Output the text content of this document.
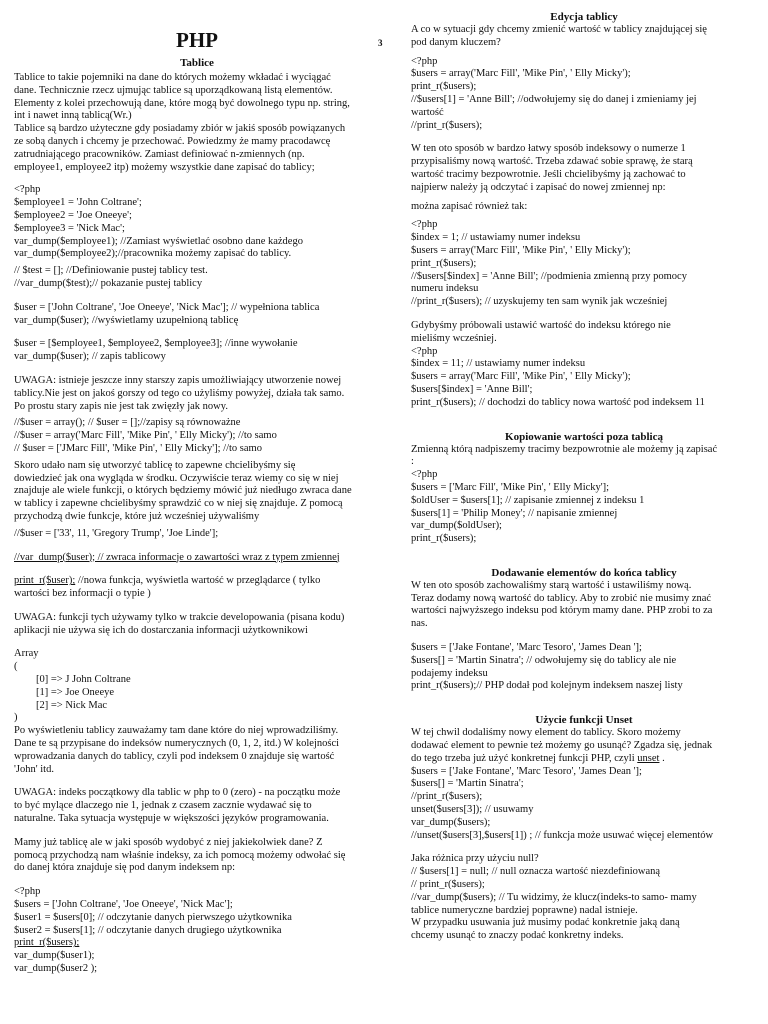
PHP	3
Tablice

Tablice to takie pojemniki na dane do których możemy wkładać i wyciągać
dane. Technicznie rzecz ujmując tablice są uporządkowaną listą elementów.
Elementy z kolei przechowują dane, które mogą być dowolnego typu np. string,
int i nawet inną tablicą(Wr.)

Tablice są bardzo użyteczne gdy posiadamy zbiór w jakiś sposób powiązanych
ze sobą danych i chcemy je przechować. Powiedzmy że mamy pracodawcę
zatrudniającego pracowników. Zamiast definiować n-zmiennych (np.
employee1, employee2 itp) możemy wszystkie dane zapisać do tablicy;

<?php
$employee1 = 'John Coltrane';
$employee2 = 'Joe Oneeye';
$employee3 = 'Nick Mac';
var_dump($employee1); //Zamiast wyświetlać osobno dane każdego
var_dump($employee2);//pracownika możemy zapisać do tablicy.

// $test = []; //Definiowanie pustej tablicy test.
//var_dump($test);// pokazanie pustej tablicy

$user = ['John Coltrane', 'Joe Oneeye', 'Nick Mac']; // wypełniona tablica
var_dump($user); //wyświetlamy uzupełnioną tablicę

$user = [$employee1, $employee2, $employee3]; //inne wywołanie
var_dump($user); // zapis tablicowy

UWAGA: istnieje jeszcze inny starszy zapis umożliwiający utworzenie nowej
tablicy.Nie jest on jakoś gorszy od tego co użyliśmy powyżej, działa tak samo.
Po prostu stary zapis nie jest tak zwięzły jak nowy.

//$user = array(); // $user = [];//zapisy są równoważne
//$user = array('Marc Fill', 'Mike Pin', ' Elly Micky'); //to samo
// $user = ['JMarc Fill', 'Mike Pin', ' Elly Micky']; //to samo

Skoro udało nam się utworzyć tablicę to zapewne chcielibyśmy się
dowiedzieć jak ona wygląda w środku. Oczywiście teraz wiemy co się w niej
znajduje ale wiele funkcji, o których będziemy mówić już niedługo zwraca dane
w tablicy i zapewne chcielibyśmy sprawdzić co w niej się znajduje. Z pomocą
przychodzą dwie funkcje, które już wcześniej używaliśmy

//$user = ['33', 11, 'Gregory Trump', 'Joe Linde'];

//var_dump($user); // zwraca informacje o zawartości wraz z typem zmiennej

print_r($user); //nowa funkcja, wyświetla wartość w przeglądarce ( tylko
wartości bez informacji o typie )

UWAGA: funkcji tych używamy tylko w trakcie developowania (pisana kodu)
aplikacji nie używa się ich do dostarczania informacji użytkownikowi

Array
(

[0] => J John Coltrane
[1] => Joe Oneeye
[2] => Nick Mac

)

Po wyświetleniu tablicy zauważamy tam dane które do niej wprowadziliśmy.
Dane te są przypisane do indeksów numerycznych (0, 1, 2, itd.) W kolejności
wprowadzania danych do tablicy, czyli pod indeksem 0 znajduje się wartość
'John' itd.

UWAGA: indeks początkowy dla tablic w php to 0 (zero) - na początku może
to być mylące dlaczego nie 1, jednak z czasem zacznie wydawać się to
naturalne. Taka sytuacja występuje w większości języków programowania.

Mamy już tablicę ale w jaki sposób wydobyć z niej jakiekolwiek dane? Z
pomocą przychodzą nam właśnie indeksy, za ich pomocą możemy odwołać się
do danej która znajduje się pod danym indeksem np:

<?php
$users = ['John Coltrane', 'Joe Oneeye', 'Nick Mac'];
$user1 = $users[0]; // odczytanie danych pierwszego użytkownika
$user2 = $users[1]; // odczytanie danych drugiego użytkownika

print_r($users);

var_dump($user1);
var_dump($user2 );

Edycja tablicy

A co w sytuacji gdy chcemy zmienić wartość w tablicy znajdującej się
pod danym kluczem?

<?php
$users = array('Marc Fill', 'Mike Pin', ' Elly Micky');
print_r($users);
//$users[1] = 'Anne Bill'; //odwołujemy się do danej i zmieniamy jej
wartość
//print_r($users);

W ten oto sposób w bardzo łatwy sposób indeksowy o numerze 1
przypisaliśmy nową wartość. Trzeba zdawać sobie sprawę, że starą
wartość tracimy bezpowrotnie. Jeśli chcielibyśmy ją zachować to
najpierw należy ją odczytać i zapisać do nowej zmiennej np:

można zapisać również tak:

<?php
$index = 1; // ustawiamy numer indeksu
$users = array('Marc Fill', 'Mike Pin', ' Elly Micky');
print_r($users);
//$users[$index] = 'Anne Bill'; //podmienia zmienną przy pomocy
numeru indeksu
//print_r($users); // uzyskujemy ten sam wynik jak wcześniej

Gdybyśmy próbowali ustawić wartość do indeksu którego nie
mieliśmy wcześniej.

<?php
$index = 11; // ustawiamy numer indeksu
$users = array('Marc Fill', 'Mike Pin', ' Elly Micky');
$users[$index] = 'Anne Bill';
print_r($users); // dochodzi do tablicy nowa wartość pod indeksem 11

Kopiowanie wartości poza tablicą

Zmienną którą nadpiszemy tracimy bezpowrotnie ale możemy ją zapisać
:

<?php
$users = ['Marc Fill', 'Mike Pin', ' Elly Micky'];
$oldUser = $users[1]; // zapisanie zmiennej z indeksu 1
$users[1] = 'Philip Money'; // napisanie zmiennej
var_dump($oldUser);
print_r($users);

Dodawanie elementów do końca tablicy

W ten oto sposób zachowaliśmy starą wartość i ustawiliśmy nową.
Teraz dodamy nową wartość do tablicy. Aby to zrobić nie musimy znać
wartości najwyższego indeksu pod którym mamy dane. PHP zrobi to za
nas.

$users = ['Jake Fontane', 'Marc Tesoro', 'James Dean '];
$users[] = 'Martin Sinatra'; // odwołujemy się do tablicy ale nie
podajemy indeksu
print_r($users);// PHP dodał pod kolejnym indeksem naszej listy

Użycie funkcji Unset

W tej chwil dodaliśmy nowy element do tablicy. Skoro możemy
dodawać element to pewnie też możemy go usunąć? Zgadza się, jednak
do tego trzeba już użyć konkretnej funkcji PHP, czyli unset .

$users = ['Jake Fontane', 'Marc Tesoro', 'James Dean '];
$users[] = 'Martin Sinatra';
//print_r($users);
unset($users[3]); // usuwamy
var_dump($users);
//unset($users[3],$users[1]) ; // funkcja może usuwać więcej elementów

Jaka różnica przy użyciu null?

// $users[1] = null; // null oznacza wartość niezdefiniowaną
// print_r($users);
//var_dump($users); // Tu widzimy, że klucz(indeks-to samo- mamy
tablice numeryczne bardziej poprawne) nadal istnieje.

W przypadku usuwania już musimy podać konkretnie jaką daną
chcemy usunąć to znaczy podać konkretny indeks.
